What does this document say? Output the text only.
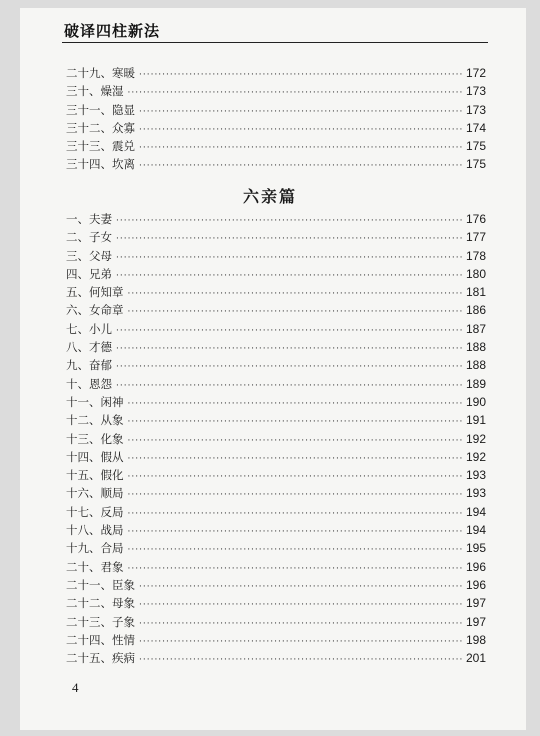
破译四柱新法
二十九、寒暖 ·····	172
三十、燥湿 ·····	173
三十一、隐显 ·····	173
三十二、众寡 ·····	174
三十三、震兑 ·····	175
三十四、坎离 ·····	175
六亲篇
一、夫妻 ·····	176
二、子女 ·····	177
三、父母 ·····	178
四、兄弟 ·····	180
五、何知章 ·····	181
六、女命章 ·····	186
七、小儿 ·····	187
八、才德 ·····	188
九、奋郁 ·····	188
十、恩怨 ·····	189
十一、闲神 ·····	190
十二、从象 ·····	191
十三、化象 ·····	192
十四、假从 ·····	192
十五、假化 ·····	193
十六、顺局 ·····	193
十七、反局 ·····	194
十八、战局 ·····	194
十九、合局 ·····	195
二十、君象 ·····	196
二十一、臣象 ·····	196
二十二、母象 ·····	197
二十三、子象 ·····	197
二十四、性情 ·····	198
二十五、疾病 ·····	201
4
